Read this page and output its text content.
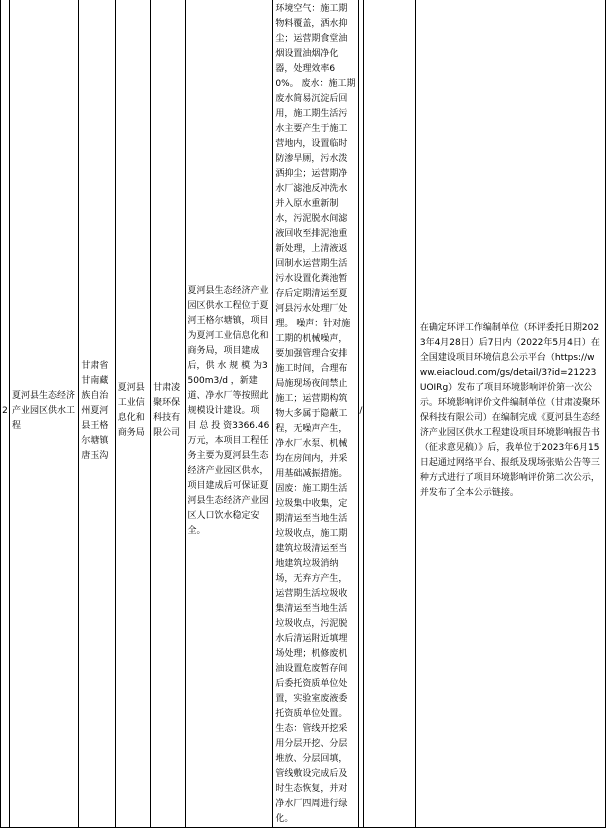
2	夏河县生态经济产业园区供水工程	甘肃省甘南藏族自治州夏河县王格尔塘镇唐玉沟	夏河县工业信息化和商务局	甘肃凌聚环保科技有限公司	夏河县生态经济产业园区供水工程位于夏河王格尔塘镇，项目为夏河工业信息化和商务局，项目建成后，供 水 规 模 为3500m3/d ，新建道、净水厂等按照此规模设计建设。项 目 总 投 资3366.46 万元，本项目工程任务主要为夏河县生态经济产业园区供水，项目建成后可保证夏河县生态经济产业园区人口饮水稳定安全。	环境空气：施工期物料覆盖，洒水抑尘；运营期食堂油烟设置油烟净化器，处理效率60%。 废水：施工期废水简易沉淀后回用，施工期生活污水主要产生于施工营地内，设置临时防渗旱厕，污水泼洒抑尘；运营期净水厂滤池反冲洗水并入原水重新制水，污泥脱水间滤液回收至排泥池重新处理，上清液返回制水运营期生活污水设置化粪池暂存后定期清运至夏河县污水处理厂处理。 噪声：针对施工期的机械噪声，要加强管理合安排施工时间，合理布局施现场夜间禁止施工；运营期构筑物大多属于隐蔽工程，无噪声产生，净水厂水泵、机械均在房间内，并采用基础减振措施。 固废：施工期生活垃圾集中收集，定期清运至当地生活垃圾收点，施工期建筑垃圾清运至当地建筑垃圾消纳场，无弃方产生，运营期生活垃圾收集清运至当地生活垃圾收点，污泥脱水后清运附近填埋场处理；机修废机油设置危废暂存间后委托资质单位处置，实验室废液委托资质单位处置。 生态：管线开挖采用分层开挖、分层堆放、分层回填，管线敷设完成后及时生态恢复，并对净水厂四周进行绿化。	/		在确定环评工作编制单位（环评委托日期2023年4月28日）后7日内（2022年5月4日）在全国建设项目环境信息公示平台（https://www.eiacloud.com/gs/detail/3?id=21223UOIRg）发布了项目环境影响评价第一次公示。环境影响评价文件编制单位（甘肃凌聚环保科技有限公司）在编制完成《夏河县生态经济产业园区供水工程建设项目环境影响报告书（征求意见稿）》后，我单位于2023年6月15日起通过网络平台、报纸及现场张贴公告等三种方式进行了项目环境影响评价第二次公示，并发布了全本公示链接。
